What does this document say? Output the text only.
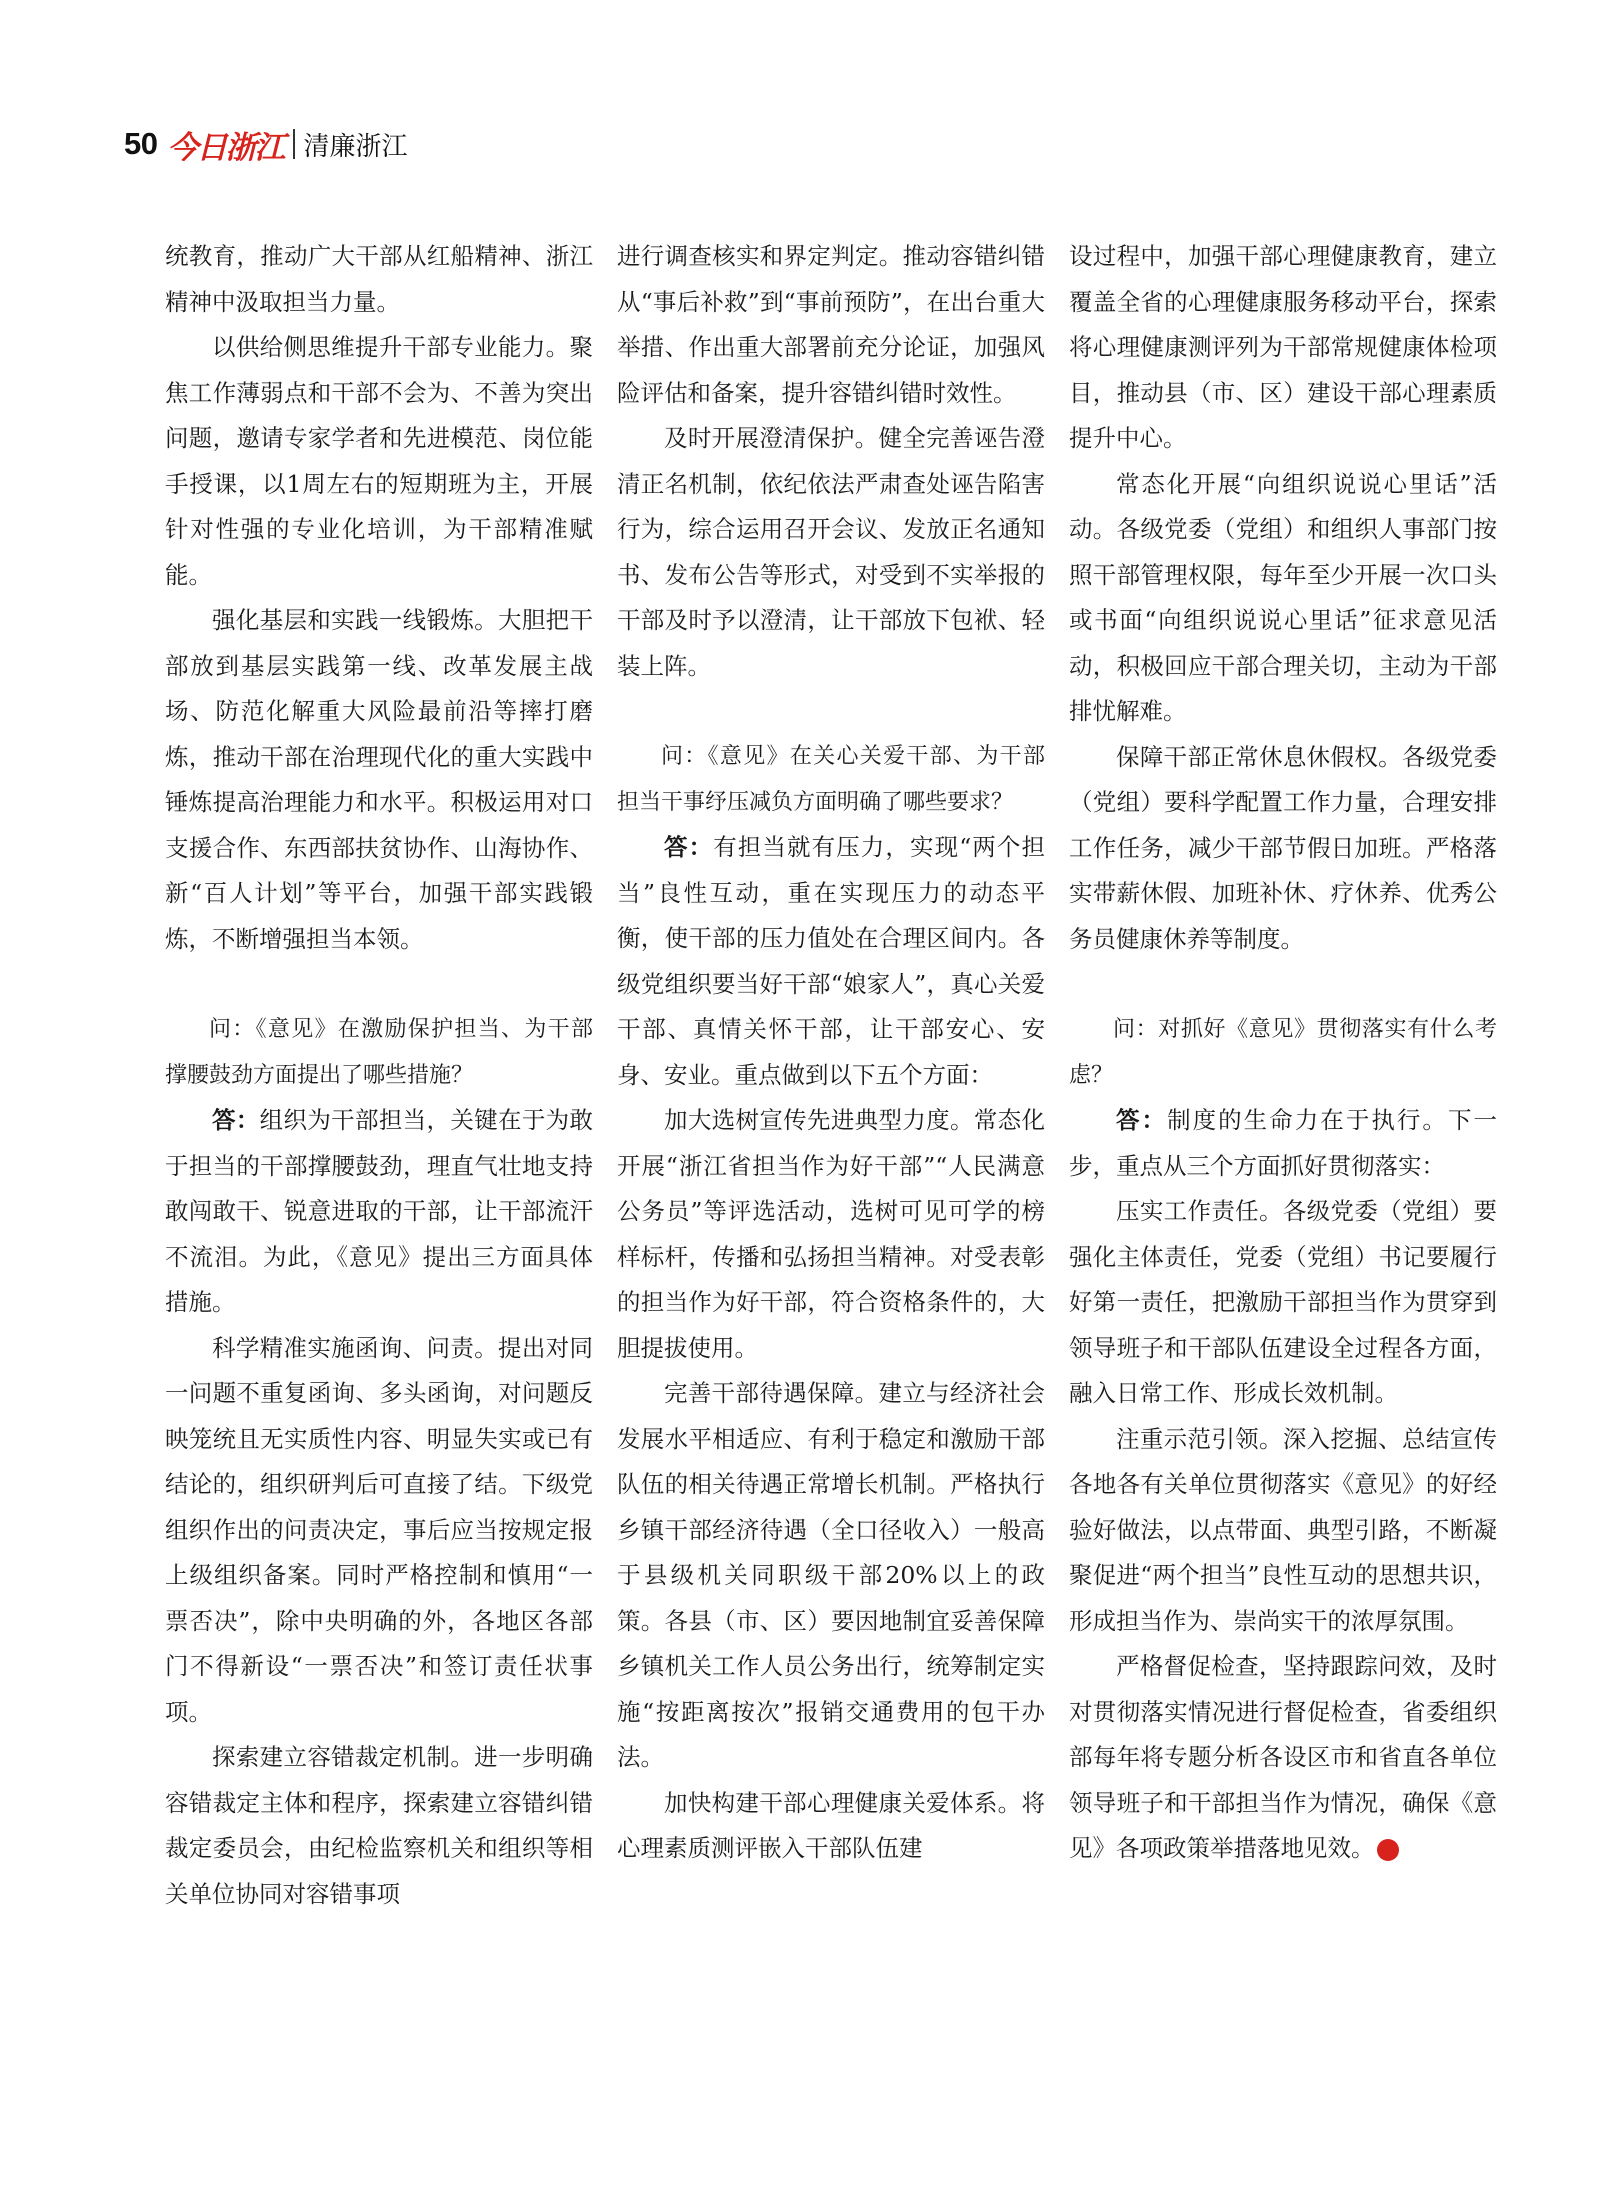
50 今日浙江 清廉浙江

统教育，推动广大干部从红船精神、浙江精神中汲取担当力量。

以供给侧思维提升干部专业能力。聚焦工作薄弱点和干部不会为、不善为突出问题，邀请专家学者和先进模范、岗位能手授课，以1周左右的短期班为主，开展针对性强的专业化培训，为干部精准赋能。

强化基层和实践一线锻炼。大胆把干部放到基层实践第一线、改革发展主战场、防范化解重大风险最前沿等摔打磨炼，推动干部在治理现代化的重大实践中锤炼提高治理能力和水平。积极运用对口支援合作、东西部扶贫协作、山海协作、新“百人计划”等平台，加强干部实践锻炼，不断增强担当本领。

问：《意见》在激励保护担当、为干部撑腰鼓劲方面提出了哪些措施？

答：组织为干部担当，关键在于为敢于担当的干部撑腰鼓劲，理直气壮地支持敢闯敢干、锐意进取的干部，让干部流汗不流泪。为此，《意见》提出三方面具体措施。

科学精准实施函询、问责。提出对同一问题不重复函询、多头函询，对问题反映笼统且无实质性内容、明显失实或已有结论的，组织研判后可直接了结。下级党组织作出的问责决定，事后应当按规定报上级组织备案。同时严格控制和慎用“一票否决”，除中央明确的外，各地区各部门不得新设“一票否决”和签订责任状事项。

探索建立容错裁定机制。进一步明确容错裁定主体和程序，探索建立容错纠错裁定委员会，由纪检监察机关和组织等相关单位协同对容错事项

进行调查核实和界定判定。推动容错纠错从“事后补救”到“事前预防”，在出台重大举措、作出重大部署前充分论证，加强风险评估和备案，提升容错纠错时效性。

及时开展澄清保护。健全完善诬告澄清正名机制，依纪依法严肃查处诬告陷害行为，综合运用召开会议、发放正名通知书、发布公告等形式，对受到不实举报的干部及时予以澄清，让干部放下包袱、轻装上阵。

问：《意见》在关心关爱干部、为干部担当干事纾压减负方面明确了哪些要求？

答：有担当就有压力，实现“两个担当”良性互动，重在实现压力的动态平衡，使干部的压力值处在合理区间内。各级党组织要当好干部“娘家人”，真心关爱干部、真情关怀干部，让干部安心、安身、安业。重点做到以下五个方面：

加大选树宣传先进典型力度。常态化开展“浙江省担当作为好干部”“人民满意公务员”等评选活动，选树可见可学的榜样标杆，传播和弘扬担当精神。对受表彰的担当作为好干部，符合资格条件的，大胆提拔使用。

完善干部待遇保障。建立与经济社会发展水平相适应、有利于稳定和激励干部队伍的相关待遇正常增长机制。严格执行乡镇干部经济待遇（全口径收入）一般高于县级机关同职级干部20%以上的政策。各县（市、区）要因地制宜妥善保障乡镇机关工作人员公务出行，统筹制定实施“按距离按次”报销交通费用的包干办法。

加快构建干部心理健康关爱体系。将心理素质测评嵌入干部队伍建

设过程中，加强干部心理健康教育，建立覆盖全省的心理健康服务移动平台，探索将心理健康测评列为干部常规健康体检项目，推动县（市、区）建设干部心理素质提升中心。

常态化开展“向组织说说心里话”活动。各级党委（党组）和组织人事部门按照干部管理权限，每年至少开展一次口头或书面“向组织说说心里话”征求意见活动，积极回应干部合理关切，主动为干部排忧解难。

保障干部正常休息休假权。各级党委（党组）要科学配置工作力量，合理安排工作任务，减少干部节假日加班。严格落实带薪休假、加班补休、疗休养、优秀公务员健康休养等制度。

问：对抓好《意见》贯彻落实有什么考虑？

答：制度的生命力在于执行。下一步，重点从三个方面抓好贯彻落实：

压实工作责任。各级党委（党组）要强化主体责任，党委（党组）书记要履行好第一责任，把激励干部担当作为贯穿到领导班子和干部队伍建设全过程各方面，融入日常工作、形成长效机制。

注重示范引领。深入挖掘、总结宣传各地各有关单位贯彻落实《意见》的好经验好做法，以点带面、典型引路，不断凝聚促进“两个担当”良性互动的思想共识，形成担当作为、崇尚实干的浓厚氛围。

严格督促检查，坚持跟踪问效，及时对贯彻落实情况进行督促检查，省委组织部每年将专题分析各设区市和省直各单位领导班子和干部担当作为情况，确保《意见》各项政策举措落地见效。	今
